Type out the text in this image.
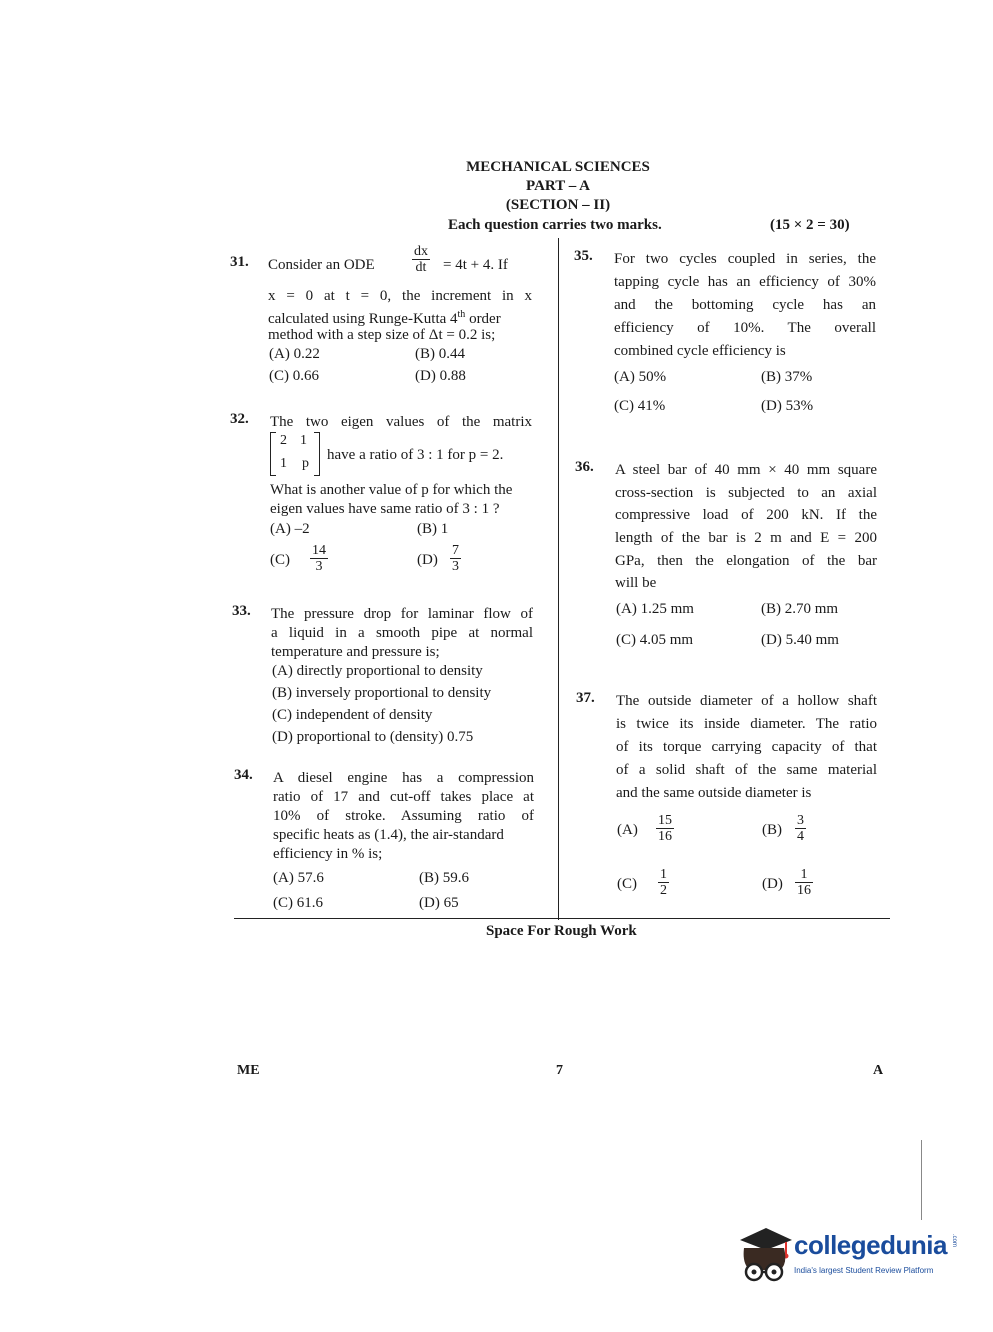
MECHANICAL SCIENCES
PART – A
(SECTION – II)
Each question carries two marks.	(15 × 2 = 30)
31. Consider an ODE	$\frac{dx}{dt} = 4t + 4$. If
x = 0 at t = 0, the increment in x
calculated using Runge-Kutta 4th order
method with a step size of Δt = 0.2 is;
(A) 0.22	(B) 0.44
(C) 0.66	(D) 0.88
32. The two eigen values of the matrix
2 1
1 p
have a ratio of 3 : 1 for p = 2.
What is another value of p for which the
eigen values have same ratio of 3 : 1 ?
(A) –2	(B) 1
$(C) \frac{14}{3}$	$(D) \frac{7}{3}$
33. The pressure drop for laminar flow of
a liquid in a smooth pipe at normal
temperature and pressure is;
(A) directly proportional to density
(B) inversely proportional to density
(C) independent of density
(D) proportional to (density) 0.75
34. A diesel engine has a compression
ratio of 17 and cut-off takes place at
10% of stroke. Assuming ratio of
specific heats as (1.4), the air-standard
efficiency in % is;
(A) 57.6	(B) 59.6
(C) 61.6	(D) 65
35. For two cycles coupled in series, the
tapping cycle has an efficiency of 30%
and the bottoming cycle has an
efficiency of 10%. The overall
combined cycle efficiency is
(A) 50%	(B) 37%
(C) 41%	(D) 53%
36. A steel bar of 40 mm × 40 mm square
cross-section is subjected to an axial
compressive load of 200 kN. If the
length of the bar is 2 m and E = 200
GPa, then the elongation of the bar
will be
(A) 1.25 mm	(B) 2.70 mm
(C) 4.05 mm	(D) 5.40 mm
37. The outside diameter of a hollow shaft
is twice its inside diameter. The ratio
of its torque carrying capacity of that
of a solid shaft of the same material
and the same outside diameter is
$(A) \frac{15}{16}$	$(B) \frac{3}{4}$
$(C) \frac{1}{2}$	$(D) \frac{1}{16}$
Space For Rough Work
ME	7	A
collegedunia .com
India's largest Student Review Platform
